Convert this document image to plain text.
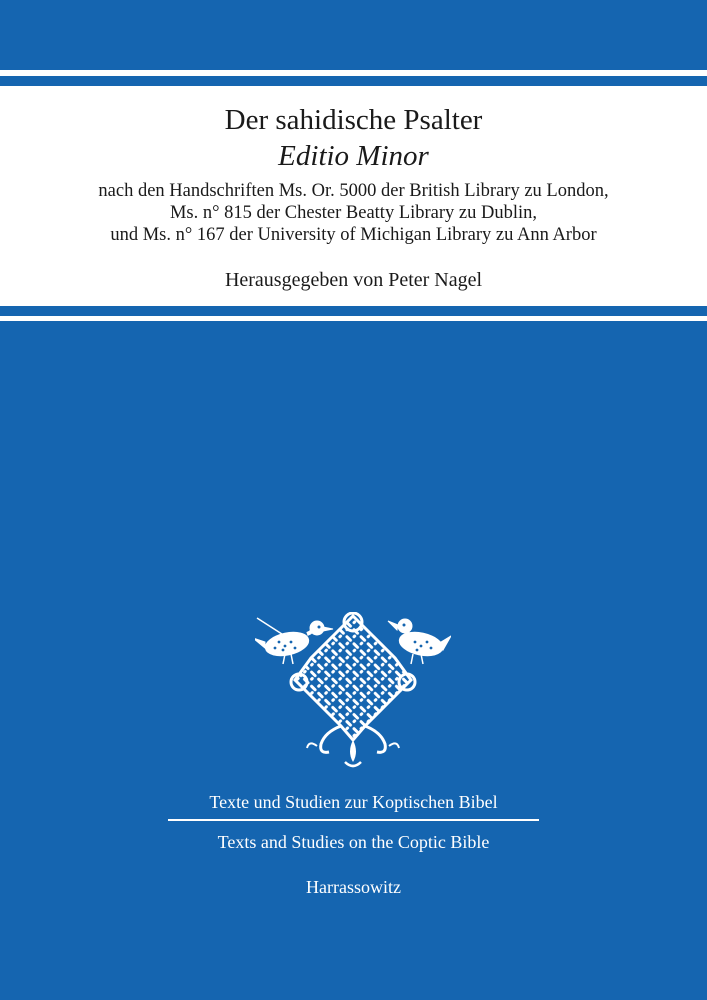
Der sahidische Psalter
Editio Minor
nach den Handschriften Ms. Or. 5000 der British Library zu London,
Ms. n° 815 der Chester Beatty Library zu Dublin,
und Ms. n° 167 der University of Michigan Library zu Ann Arbor
Herausgegeben von Peter Nagel
Texte und Studien zur Koptischen Bibel
Texts and Studies on the Coptic Bible
Harrassowitz
